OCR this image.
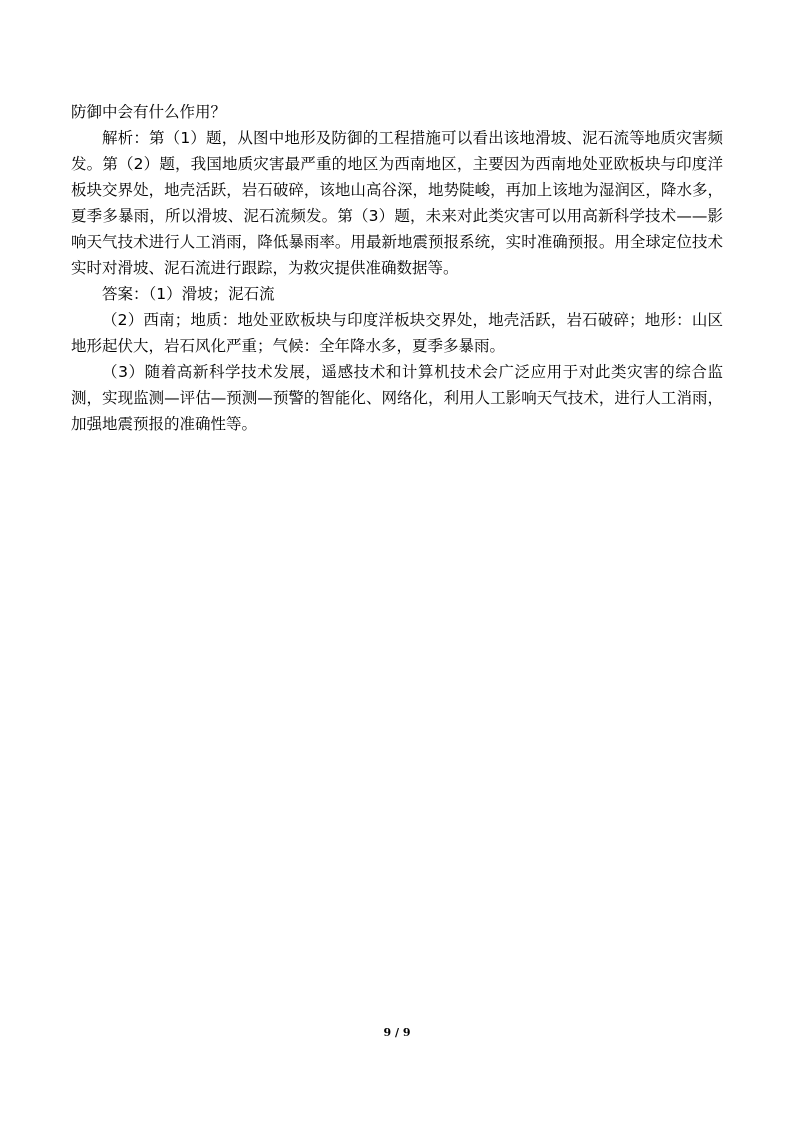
防御中会有什么作用？

解析：第（1）题，从图中地形及防御的工程措施可以看出该地滑坡、泥石流等地质灾害频发。第（2）题，我国地质灾害最严重的地区为西南地区，主要因为西南地处亚欧板块与印度洋板块交界处，地壳活跃，岩石破碎，该地山高谷深，地势陡峻，再加上该地为湿润区，降水多，夏季多暴雨，所以滑坡、泥石流频发。第（3）题，未来对此类灾害可以用高新科学技术——影响天气技术进行人工消雨，降低暴雨率。用最新地震预报系统，实时准确预报。用全球定位技术实时对滑坡、泥石流进行跟踪，为救灾提供准确数据等。

答案：（1）滑坡；泥石流

（2）西南；地质：地处亚欧板块与印度洋板块交界处，地壳活跃，岩石破碎；地形：山区地形起伏大，岩石风化严重；气候：全年降水多，夏季多暴雨。

（3）随着高新科学技术发展，遥感技术和计算机技术会广泛应用于对此类灾害的综合监测，实现监测—评估—预测—预警的智能化、网络化，利用人工影响天气技术，进行人工消雨，加强地震预报的准确性等。

9 / 9
